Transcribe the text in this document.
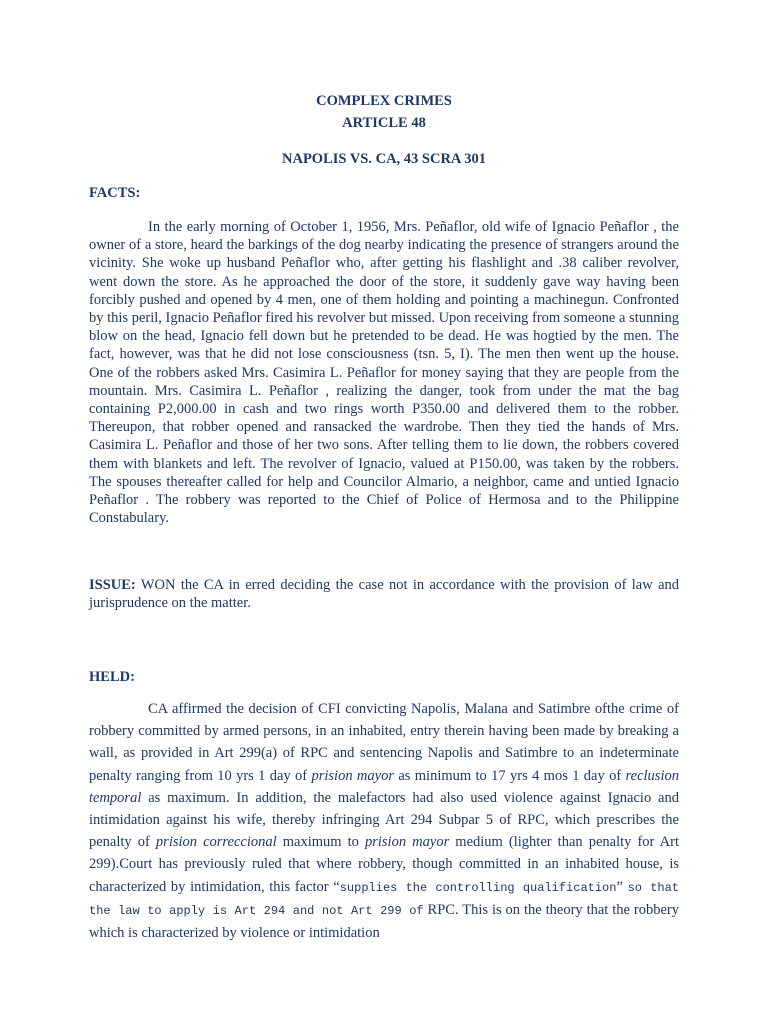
COMPLEX CRIMES
ARTICLE 48
NAPOLIS VS. CA, 43 SCRA 301
FACTS:
In the early morning of October 1, 1956, Mrs. Peñaflor, old wife of Ignacio Peñaflor , the owner of a store, heard the barkings of the dog nearby indicating the presence of strangers around the vicinity. She woke up husband Peñaflor who, after getting his flashlight and .38 caliber revolver, went down the store. As he approached the door of the store, it suddenly gave way having been forcibly pushed and opened by 4 men, one of them holding and pointing a machinegun. Confronted by this peril, Ignacio Peñaflor fired his revolver but missed. Upon receiving from someone a stunning blow on the head, Ignacio fell down but he pretended to be dead. He was hogtied by the men. The fact, however, was that he did not lose consciousness (tsn. 5, I). The men then went up the house. One of the robbers asked Mrs. Casimira L. Peñaflor for money saying that they are people from the mountain. Mrs. Casimira L. Peñaflor , realizing the danger, took from under the mat the bag containing P2,000.00 in cash and two rings worth P350.00 and delivered them to the robber. Thereupon, that robber opened and ransacked the wardrobe. Then they tied the hands of Mrs. Casimira L. Peñaflor and those of her two sons. After telling them to lie down, the robbers covered them with blankets and left. The revolver of Ignacio, valued at P150.00, was taken by the robbers. The spouses thereafter called for help and Councilor Almario, a neighbor, came and untied Ignacio Peñaflor . The robbery was reported to the Chief of Police of Hermosa and to the Philippine Constabulary.
ISSUE: WON the CA in erred deciding the case not in accordance with the provision of law and jurisprudence on the matter.
HELD:
CA affirmed the decision of CFI convicting Napolis, Malana and Satimbre ofthe crime of robbery committed by armed persons, in an inhabited, entry therein having been made by breaking a wall, as provided in Art 299(a) of RPC and sentencing Napolis and Satimbre to an indeterminate penalty ranging from 10 yrs 1 day of prision mayor as minimum to 17 yrs 4 mos 1 day of reclusion temporal as maximum. In addition, the malefactors had also used violence against Ignacio and intimidation against his wife, thereby infringing Art 294 Subpar 5 of RPC, which prescribes the penalty of prision correccional maximum to prision mayor medium (lighter than penalty for Art 299).Court has previously ruled that where robbery, though committed in an inhabited house, is characterized by intimidation, this factor “supplies the controlling qualification” so that the law to apply is Art 294 and not Art 299 of RPC. This is on the theory that the robbery which is characterized by violence or intimidation
